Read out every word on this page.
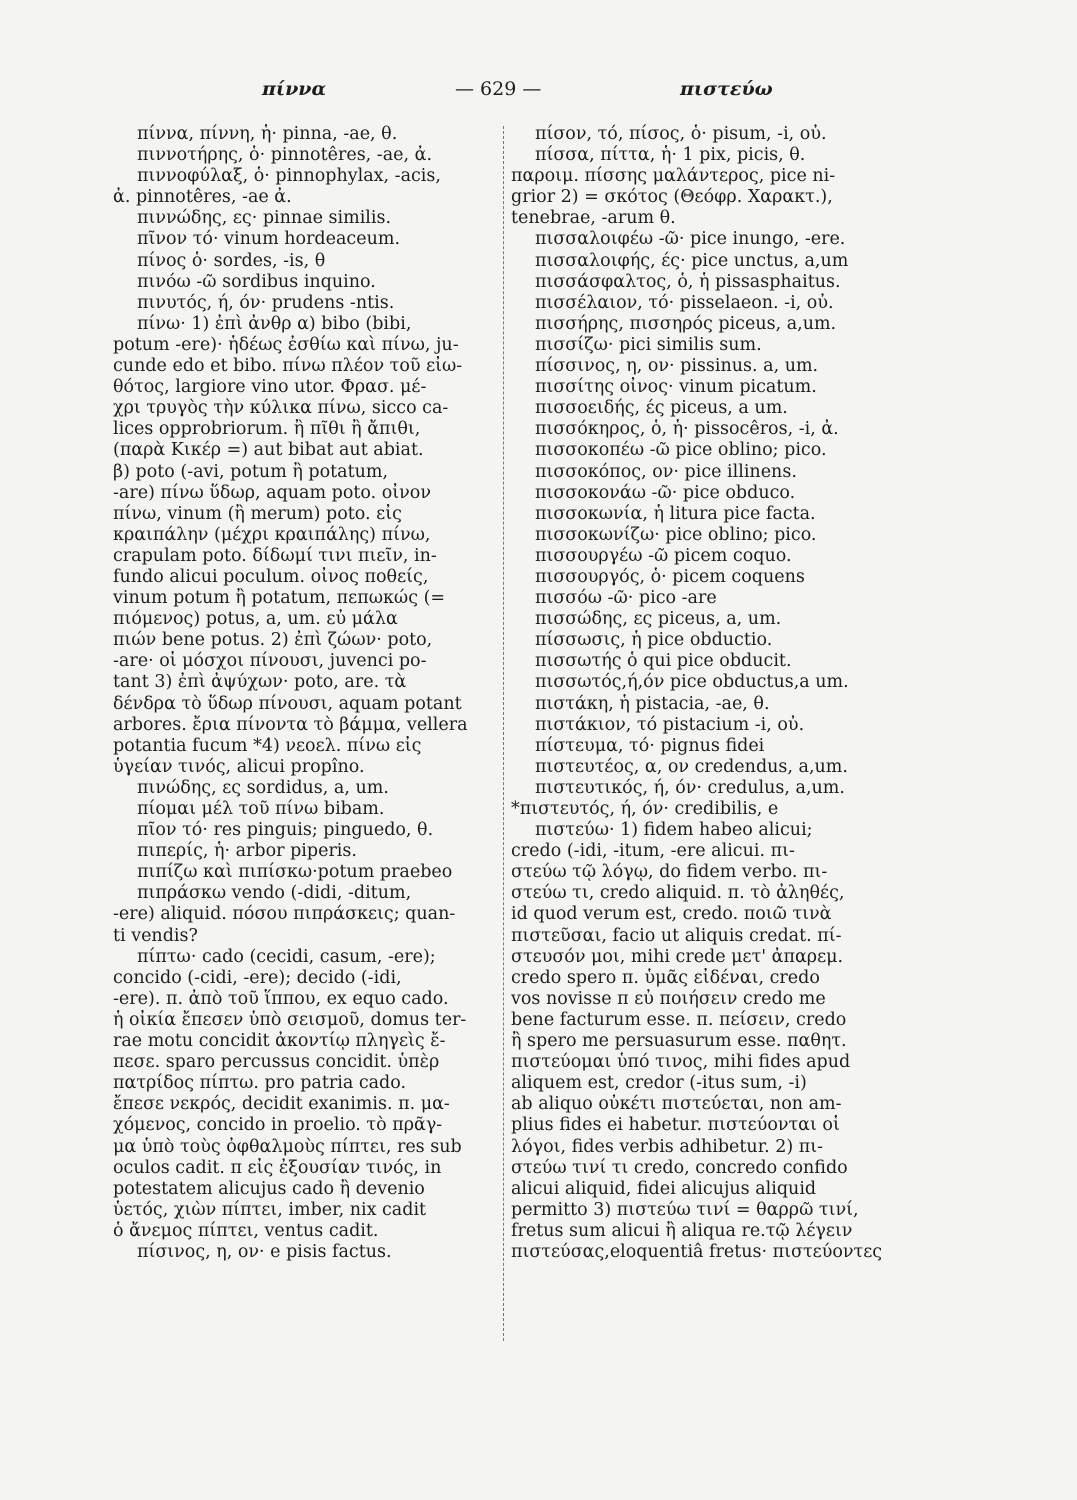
πίννα	— 629 —	πιστεύω
πίννα, πίννη, ἡ· pinna, -ae, θ.
πιννοτήρης, ὁ· pinnotêres, -ae, ἀ.
πιννοφύλαξ, ὁ· pinnophylax, -acis,
ἀ. pinnotêres, -ae ἀ.
πιννώδης, ες· pinnae similis.
πῖνον τό· vinum hordeaceum.
πίνος ὁ· sordes, -is, θ
πινόω -ῶ sordibus inquino.
πινυτός, ή, όν· prudens -ntis.
πίνω· 1) ἐπὶ ἀνθρ α) bibo (bibi,
potum -ere)· ἡδέως ἐσθίω καὶ πίνω, ju-
cunde edo et bibo. πίνω πλέον τοῦ εἰω-
θότος, largiore vino utor. Φρασ. μέ-
χρι τρυγὸς τὴν κύλικα πίνω, sicco ca-
lices opprobriorum. ἢ πῖθι ἢ ἄπιθι,
(παρὰ Κικέρ =) aut bibat aut abiat.
β) poto (-avi, potum ἢ potatum,
-are) πίνω ὕδωρ, aquam poto. οἶνον
πίνω, vinum (ἢ merum) poto. εἰς
κραιπάλην (μέχρι κραιπάλης) πίνω,
crapulam poto. δίδωμί τινι πιεῖν, in-
fundo alicui poculum. οἶνος ποθείς,
vinum potum ἢ potatum, πεπωκώς (=
πιόμενος) potus, a, um. εὖ μάλα
πιών bene potus. 2) ἐπὶ ζώων· poto,
-are· οἱ μόσχοι πίνουσι, juvenci po-
tant 3) ἐπὶ ἀψύχων· poto, are. τὰ
δένδρα τὸ ὕδωρ πίνουσι, aquam potant
arbores. ἔρια πίνοντα τὸ βάμμα, vellera
potantia fucum *4) νεοελ. πίνω εἰς
ὑγείαν τινός, alicui propîno.
πινώδης, ες sordidus, a, um.
πίομαι μέλ τοῦ πίνω bibam.
πῖον τό· res pinguis; pinguedo, θ.
πιπερίς, ἡ· arbor piperis.
πιπίζω καὶ πιπίσκω·potum praebeo
πιπράσκω vendo (-didi, -ditum,
-ere) aliquid. πόσου πιπράσκεις; quan-
ti vendis?
πίπτω· cado (cecidi, casum, -ere);
concido (-cidi, -ere); decido (-idi,
-ere). π. ἀπὸ τοῦ ἵππου, ex equo cado.
ἡ οἰκία ἔπεσεν ὑπὸ σεισμοῦ, domus ter-
rae motu concidit ἀκοντίῳ πληγεὶς ἔ-
πεσε. sparo percussus concidit. ὑπὲρ
πατρίδος πίπτω. pro patria cado.
ἔπεσε νεκρός, decidit exanimis. π. μα-
χόμενος, concido in proelio. τὸ πρᾶγ-
μα ὑπὸ τοὺς ὀφθαλμοὺς πίπτει, res sub
oculos cadit. π εἰς ἐξουσίαν τινός, in
potestatem alicujus cado ἢ devenio
ὑετός, χιὼν πίπτει, imber, nix cadit
ὁ ἄνεμος πίπτει, ventus cadit.
πίσινος, η, ον· e pisis factus.
πίσον, τό, πίσος, ὁ· pisum, -i, οὐ.
πίσσα, πίττα, ἡ· 1 pix, picis, θ.
παροιμ. πίσσης μαλάντερος, pice ni-
grior 2) = σκότος (Θεόφρ. Χαρακτ.),
tenebrae, -arum θ.
πισσαλοιφέω -ῶ· pice inungo, -ere.
πισσαλοιφής, ές· pice unctus, a,um
πισσάσφαλτος, ὁ, ἡ pissasphaitus.
πισσέλαιον, τό· pisselaeon. -i, οὐ.
πισσήρης, πισσηρός piceus, a,um.
πισσίζω· pici similis sum.
πίσσινος, η, ον· pissinus. a, um.
πισσίτης οἶνος· vinum picatum.
πισσοειδής, ές piceus, a um.
πισσόκηρος, ὁ, ἡ· pissocêros, -i, ἀ.
πισσοκοπέω -ῶ pice oblino; pico.
πισσοκόπος, ον· pice illinens.
πισσοκονάω -ῶ· pice obduco.
πισσοκωνία, ἡ litura pice facta.
πισσοκωνίζω· pice oblino; pico.
πισσουργέω -ῶ picem coquo.
πισσουργός, ὁ· picem coquens
πισσόω -ῶ· pico -are
πισσώδης, ες piceus, a, um.
πίσσωσις, ἡ pice obductio.
πισσωτής ὁ qui pice obducit.
πισσωτός,ή,όν pice obductus,a um.
πιστάκη, ἡ pistacia, -ae, θ.
πιστάκιον, τό pistacium -i, οὐ.
πίστευμα, τό· pignus fidei
πιστευτέος, α, ον credendus, a,um.
πιστευτικός, ή, όν· credulus, a,um.
*πιστευτός, ή, όν· credibilis, e
πιστεύω· 1) fidem habeo alicui;
credo (-idi, -itum, -ere alicui. πι-
στεύω τῷ λόγῳ, do fidem verbo. πι-
στεύω τι, credo aliquid. π. τὸ ἀληθές,
id quod verum est, credo. ποιῶ τινὰ
πιστεῦσαι, facio ut aliquis credat. πί-
στευσόν μοι, mihi crede μετ' ἀπαρεμ.
credo spero π. ὑμᾶς εἰδέναι, credo
vos novisse π εὖ ποιήσειν credo me
bene facturum esse. π. πείσειν, credo
ἢ spero me persuasurum esse. παθητ.
πιστεύομαι ὑπό τινος, mihi fides apud
aliquem est, credor (-itus sum, -i)
ab aliquo οὐκέτι πιστεύεται, non am-
plius fides ei habetur. πιστεύονται οἱ
λόγοι, fides verbis adhibetur. 2) πι-
στεύω τινί τι credo, concredo confido
alicui aliquid, fidei alicujus aliquid
permitto 3) πιστεύω τινί = θαρρῶ τινί,
fretus sum alicui ἢ aliqua re.τῷ λέγειν
πιστεύσας,eloquentiâ fretus· πιστεύοντες
